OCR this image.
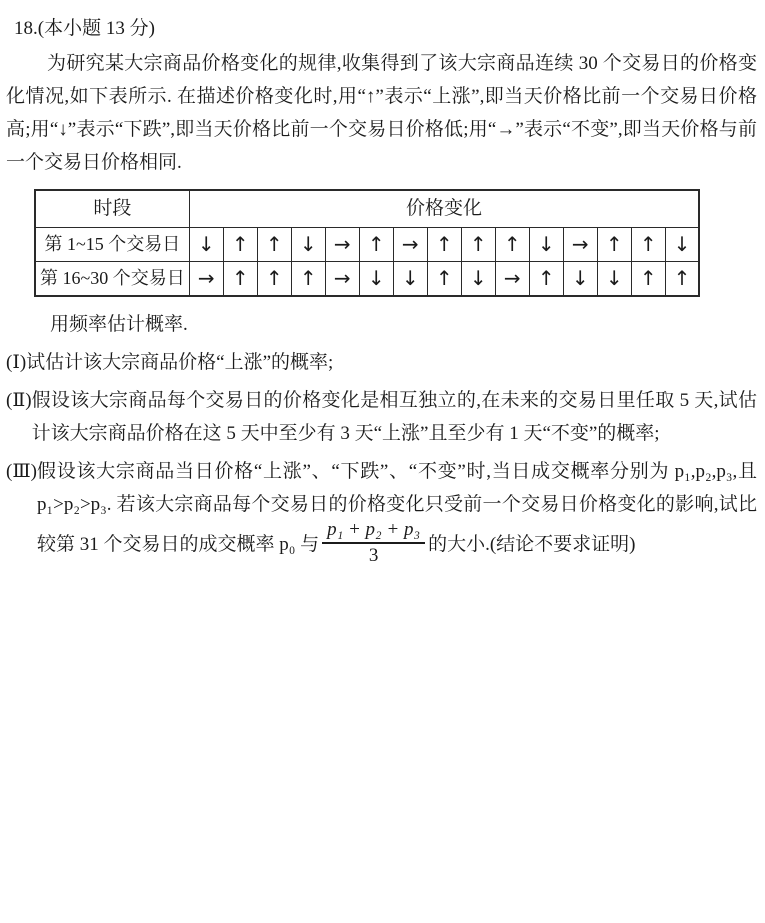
18.(本小题 13 分)

为研究某大宗商品价格变化的规律,收集得到了该大宗商品连续 30 个交易日的价格变化情况,如下表所示. 在描述价格变化时,用“↑”表示“上涨”,即当天价格比前一个交易日价格高;用“↓”表示“下跌”,即当天价格比前一个交易日价格低;用“→”表示“不变”,即当天价格与前一个交易日价格相同.

时段	价格变化														
第 1~15 个交易日	↓	↑	↑	↓	→	↑	→	↑	↑	↑	↓	→	↑	↑	↓
第 16~30 个交易日	→	↑	↑	↑	→	↓	↓	↑	↓	→	↑	↓	↓	↑	↑

用频率估计概率.

(Ⅰ) 试估计该大宗商品价格“上涨”的概率;
(Ⅱ) 假设该大宗商品每个交易日的价格变化是相互独立的,在未来的交易日里任取 5 天,试估计该大宗商品价格在这 5 天中至少有 3 天“上涨”且至少有 1 天“不变”的概率;
(Ⅲ) 假设该大宗商品当日价格“上涨”、“下跌”、“不变”时,当日成交概率分别为 p₁,p₂,p₃,且 p₁>p₂>p₃. 若该大宗商品每个交易日的价格变化只受前一个交易日价格变化的影响,试比较第 31 个交易日的成交概率 p₀ 与 $\frac{\text{p₁ + p₂ + p₃}}{3}$ 的大小.(结论不要求证明)
